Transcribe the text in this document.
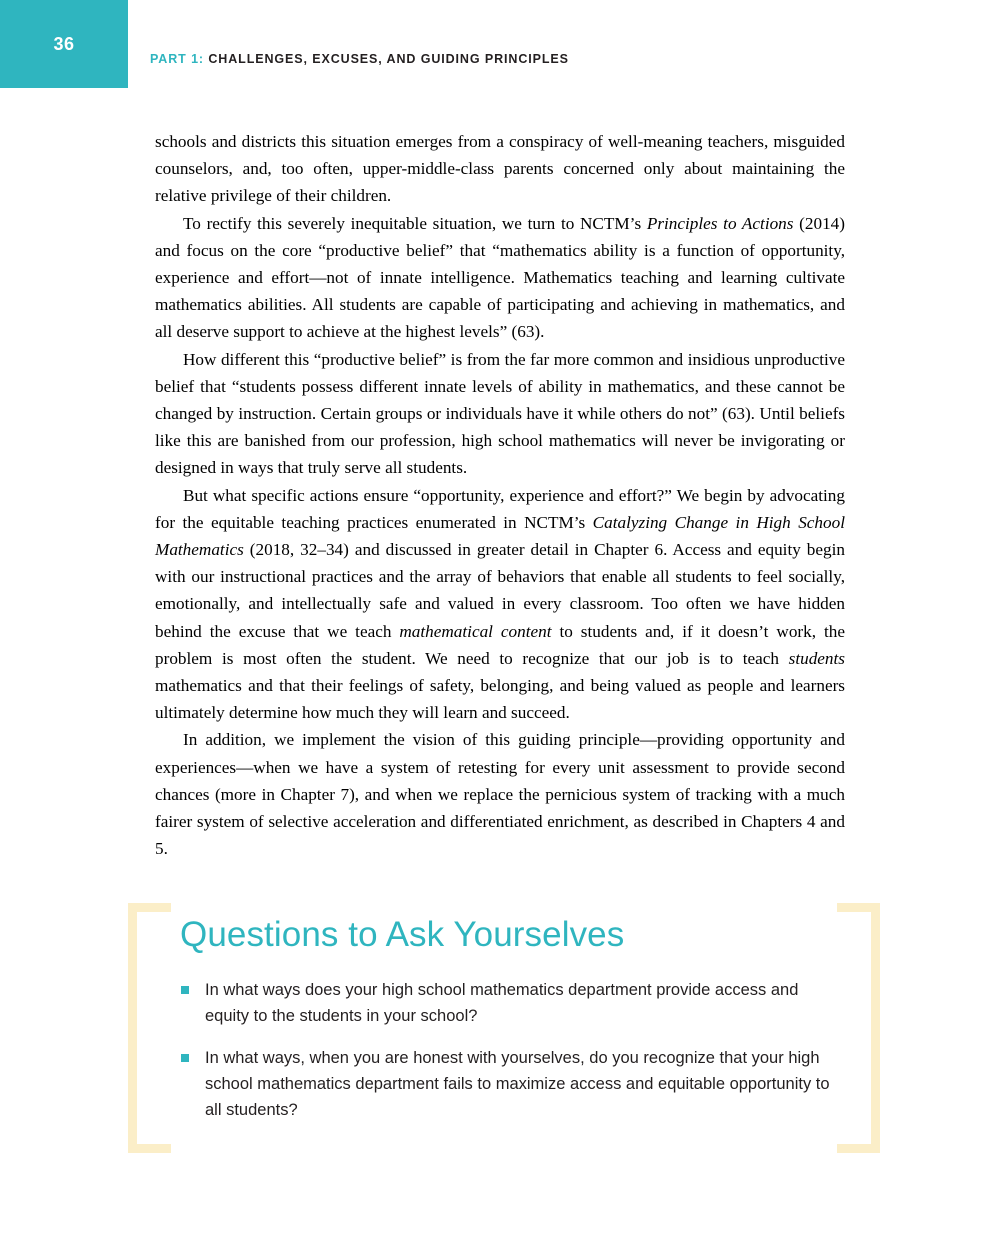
36
PART 1: CHALLENGES, EXCUSES, AND GUIDING PRINCIPLES

schools and districts this situation emerges from a conspiracy of well-meaning teachers, misguided counselors, and, too often, upper-middle-class parents concerned only about maintaining the relative privilege of their children.

To rectify this severely inequitable situation, we turn to NCTM’s Principles to Actions (2014) and focus on the core “productive belief” that “mathematics ability is a function of opportunity, experience and effort—not of innate intelligence. Mathematics teaching and learning cultivate mathematics abilities. All students are capable of participating and achieving in mathematics, and all deserve support to achieve at the highest levels” (63).

How different this “productive belief” is from the far more common and insidious unproductive belief that “students possess different innate levels of ability in mathematics, and these cannot be changed by instruction. Certain groups or individuals have it while others do not” (63). Until beliefs like this are banished from our profession, high school mathematics will never be invigorating or designed in ways that truly serve all students.

But what specific actions ensure “opportunity, experience and effort?” We begin by advocating for the equitable teaching practices enumerated in NCTM’s Catalyzing Change in High School Mathematics (2018, 32–34) and discussed in greater detail in Chapter 6. Access and equity begin with our instructional practices and the array of behaviors that enable all students to feel socially, emotionally, and intellectually safe and valued in every classroom. Too often we have hidden behind the excuse that we teach mathematical content to students and, if it doesn’t work, the problem is most often the student. We need to recognize that our job is to teach students mathematics and that their feelings of safety, belonging, and being valued as people and learners ultimately determine how much they will learn and succeed.

In addition, we implement the vision of this guiding principle—providing opportunity and experiences—when we have a system of retesting for every unit assessment to provide second chances (more in Chapter 7), and when we replace the pernicious system of tracking with a much fairer system of selective acceleration and differentiated enrichment, as described in Chapters 4 and 5.

Questions to Ask Yourselves
In what ways does your high school mathematics department provide access and equity to the students in your school?
In what ways, when you are honest with yourselves, do you recognize that your high school mathematics department fails to maximize access and equitable opportunity to all students?
